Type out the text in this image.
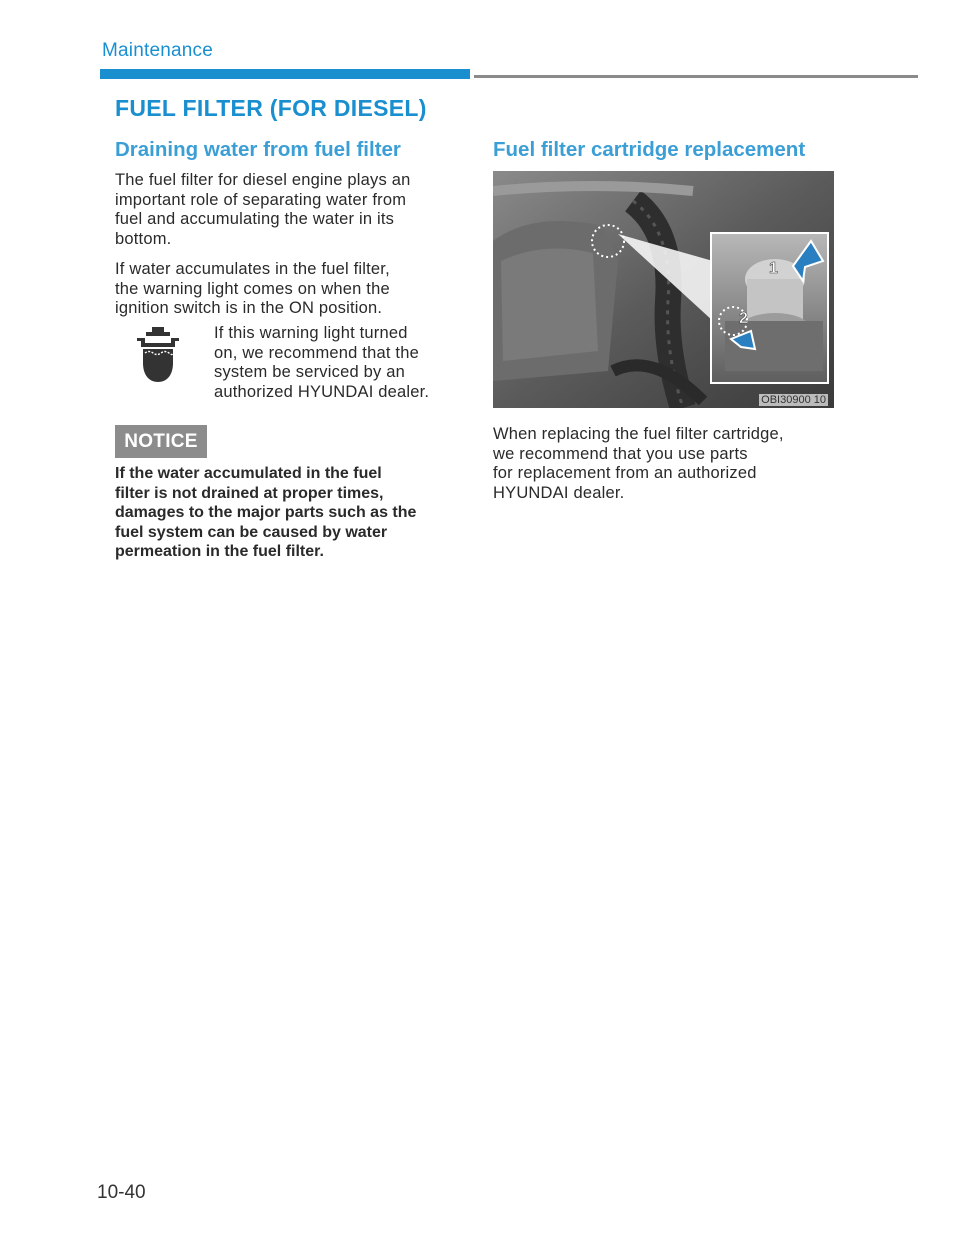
Maintenance
FUEL FILTER (FOR DIESEL)
Draining water from fuel filter

The fuel filter for diesel engine plays an
important role of separating water from
fuel and accumulating the water in its
bottom.

If water accumulates in the fuel filter,
the warning light comes on when the
ignition switch is in the ON position.

If this warning light turned
on, we recommend that the
system be serviced by an
authorized HYUNDAI dealer.

NOTICE

If the water accumulated in the fuel
filter is not drained at proper times,
damages to the major parts such as the
fuel system can be caused by water
permeation in the fuel filter.

Fuel filter cartridge replacement
1
2
OBI30900 10

When replacing the fuel filter cartridge,
we recommend that you use parts
for replacement from an authorized
HYUNDAI dealer.

10-40
